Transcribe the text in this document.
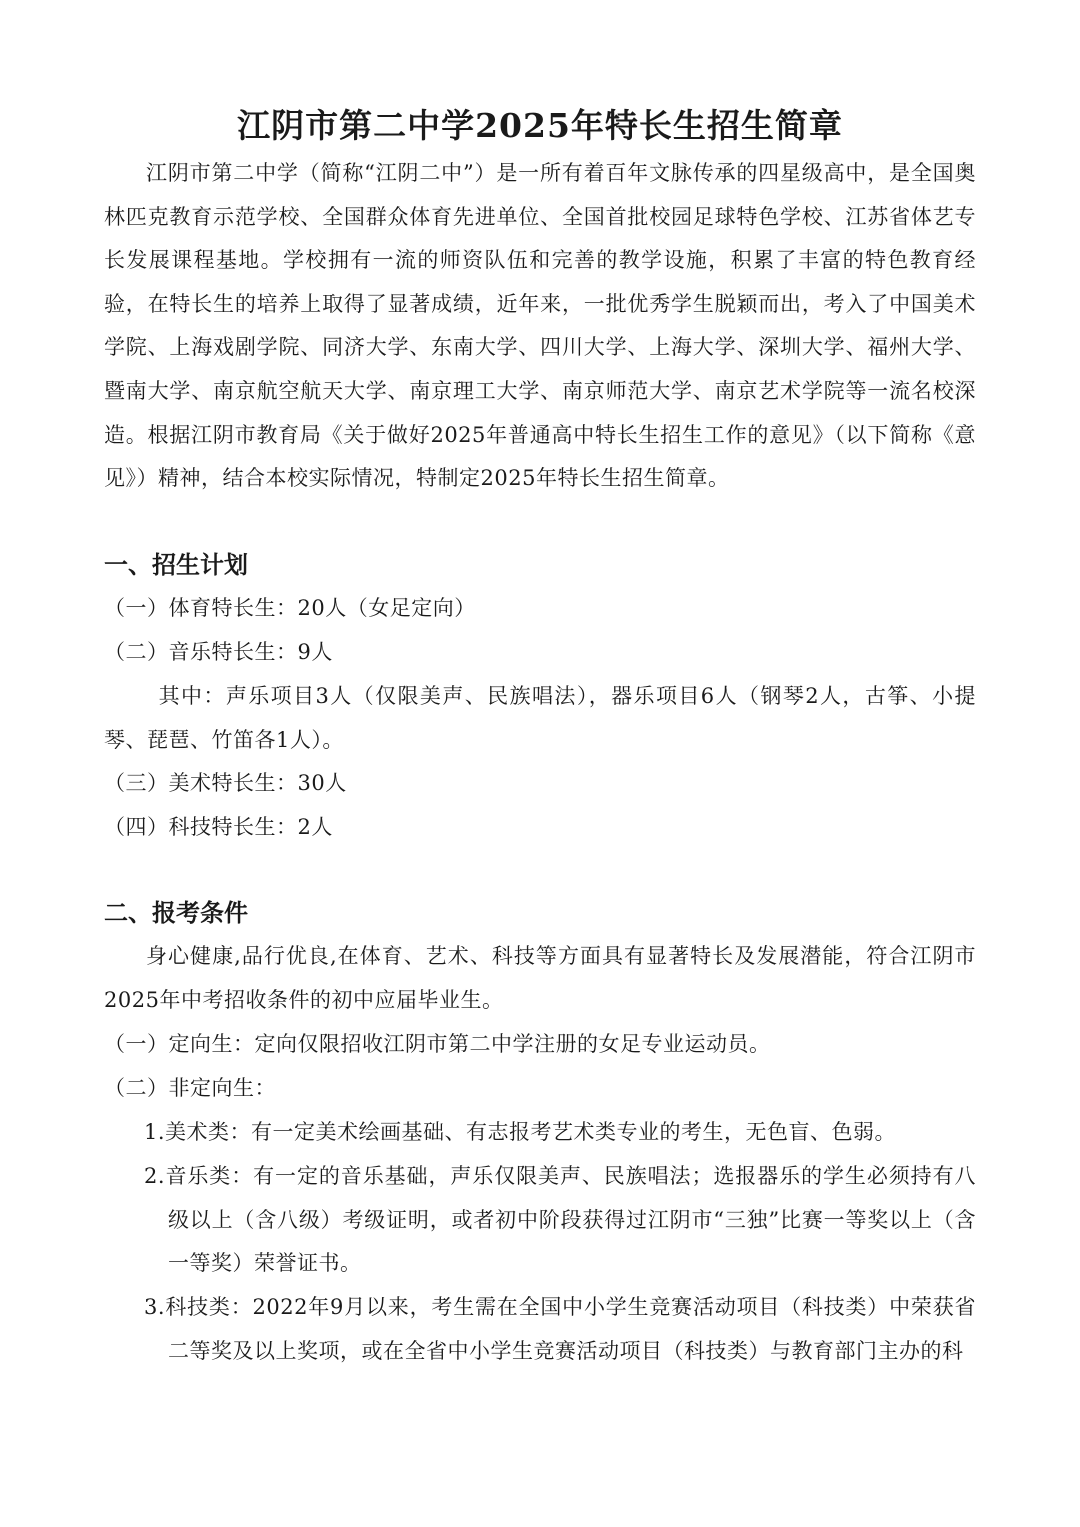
江阴市第二中学2025年特长生招生简章
江阴市第二中学（简称“江阴二中”）是一所有着百年文脉传承的四星级高中，是全国奥林匹克教育示范学校、全国群众体育先进单位、全国首批校园足球特色学校、江苏省体艺专长发展课程基地。学校拥有一流的师资队伍和完善的教学设施，积累了丰富的特色教育经验，在特长生的培养上取得了显著成绩，近年来，一批优秀学生脱颖而出，考入了中国美术学院、上海戏剧学院、同济大学、东南大学、四川大学、上海大学、深圳大学、福州大学、暨南大学、南京航空航天大学、南京理工大学、南京师范大学、南京艺术学院等一流名校深造。根据江阴市教育局《关于做好2025年普通高中特长生招生工作的意见》（以下简称《意见》）精神，结合本校实际情况，特制定2025年特长生招生简章。
一、招生计划
（一）体育特长生：20人（女足定向）
（二）音乐特长生：9人
其中：声乐项目3人（仅限美声、民族唱法），器乐项目6人（钢琴2人，古筝、小提琴、琵琶、竹笛各1人）。
（三）美术特长生：30人
（四）科技特长生：2人
二、报考条件
身心健康,品行优良,在体育、艺术、科技等方面具有显著特长及发展潜能，符合江阴市2025年中考招收条件的初中应届毕业生。
（一）定向生：定向仅限招收江阴市第二中学注册的女足专业运动员。
（二）非定向生：
1.美术类：有一定美术绘画基础、有志报考艺术类专业的考生，无色盲、色弱。
2.音乐类：有一定的音乐基础，声乐仅限美声、民族唱法；选报器乐的学生必须持有八级以上（含八级）考级证明，或者初中阶段获得过江阴市“三独”比赛一等奖以上（含一等奖）荣誉证书。
3.科技类：2022年9月以来，考生需在全国中小学生竞赛活动项目（科技类）中荣获省二等奖及以上奖项，或在全省中小学生竞赛活动项目（科技类）与教育部门主办的科
